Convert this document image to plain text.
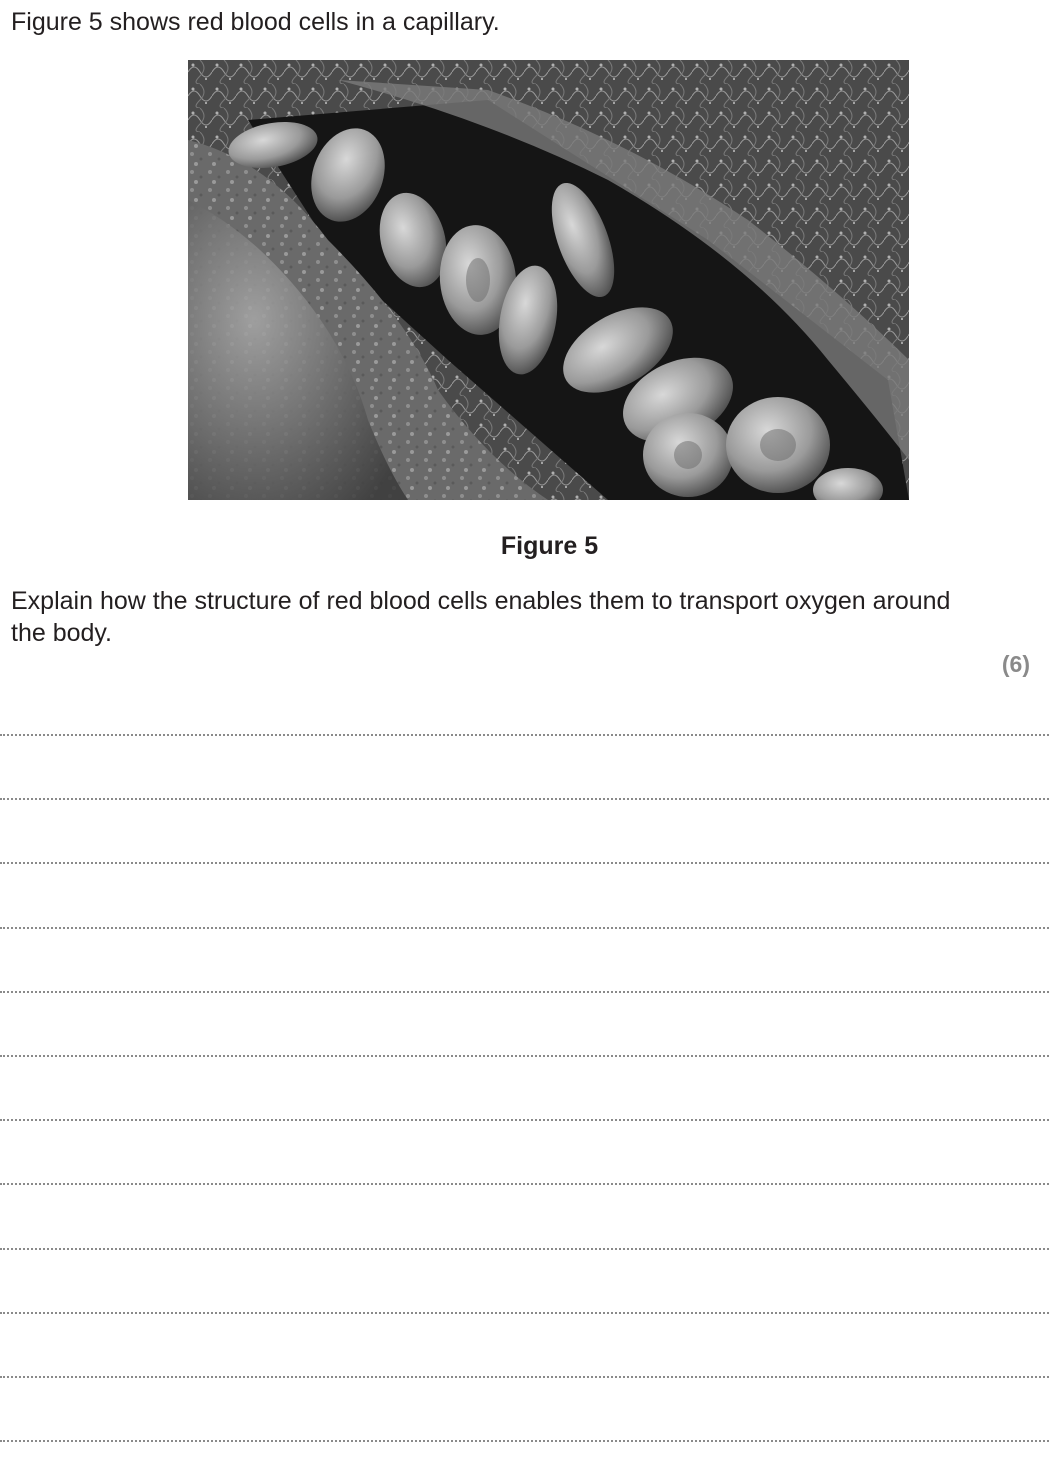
Figure 5 shows red blood cells in a capillary.
Figure 5
Explain how the structure of red blood cells enables them to transport oxygen around the body.
(6)
